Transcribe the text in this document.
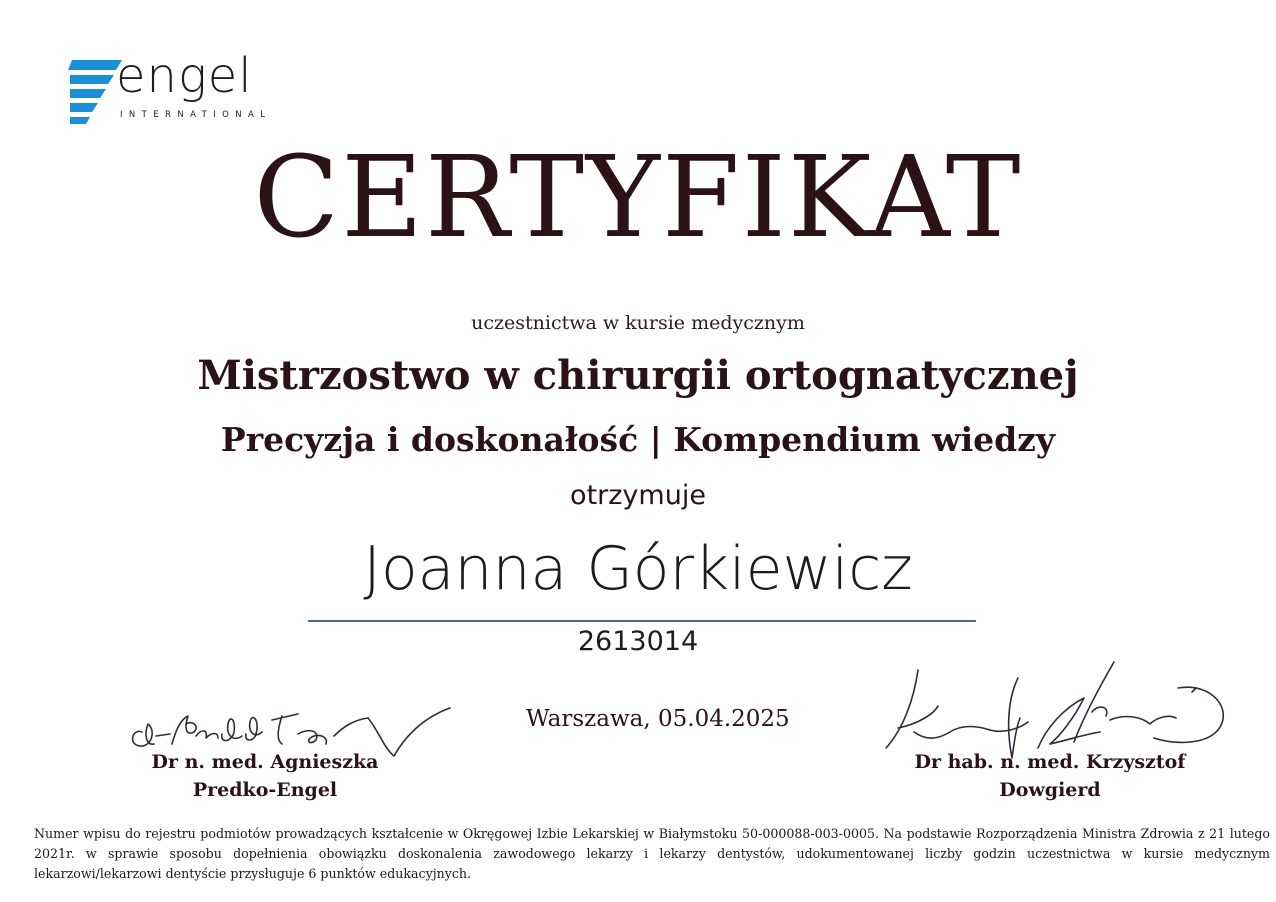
engel
INTERNATIONAL
CERTYFIKAT
uczestnictwa w kursie medycznym
Mistrzostwo w chirurgii ortognatycznej
Precyzja i doskonałość | Kompendium wiedzy
otrzymuje
Joanna Górkiewicz
2613014
Warszawa, 05.04.2025
Dr n. med. Agnieszka
Predko-Engel
Dr hab. n. med. Krzysztof
Dowgierd
Numer wpisu do rejestru podmiotów prowadzących kształcenie w Okręgowej Izbie Lekarskiej w Białymstoku 50-000088-003-0005. Na podstawie Rozporządzenia Ministra Zdrowia z 21 lutego 2021r. w sprawie sposobu dopełnienia obowiązku doskonalenia zawodowego lekarzy i lekarzy dentystów, udokumentowanej liczby godzin uczestnictwa w kursie medycznym lekarzowi/lekarzowi dentyście przysługuje 6 punktów edukacyjnych.
